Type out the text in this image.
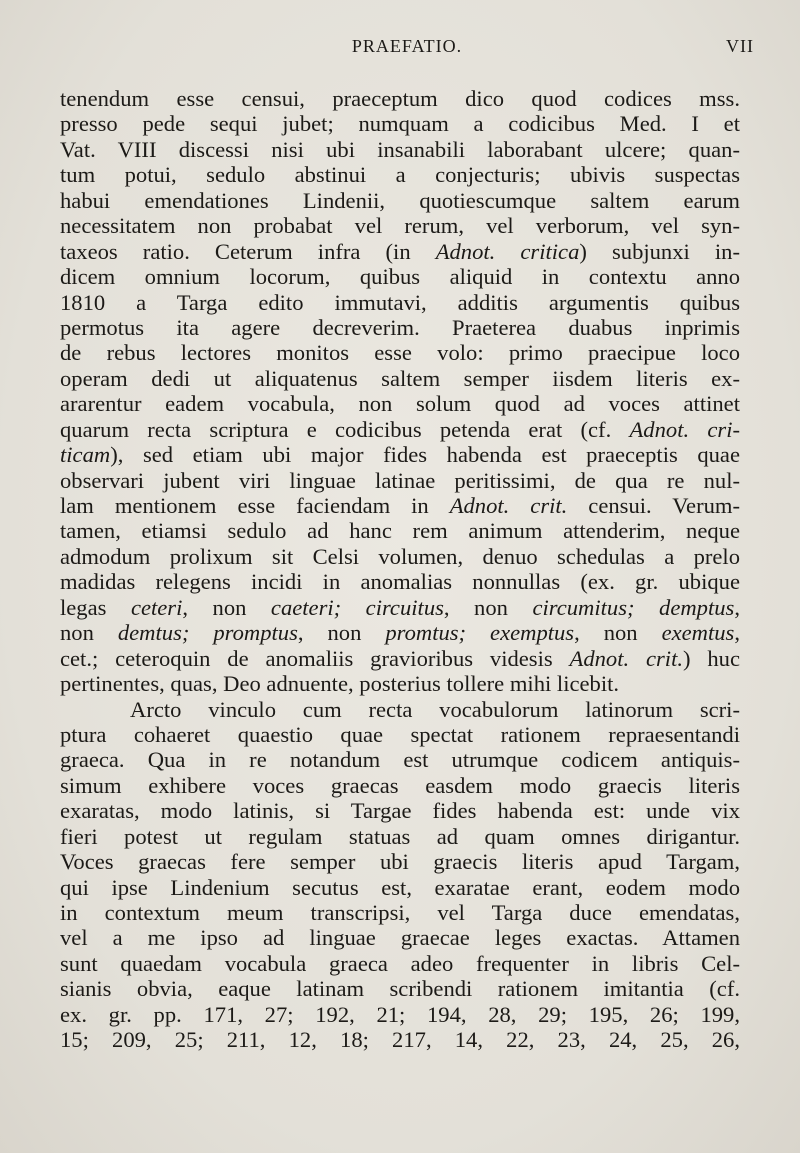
PRAEFATIO.	VII
tenendum esse censui, praeceptum dico quod codices mss.
presso pede sequi jubet; numquam a codicibus Med. I et
Vat. VIII discessi nisi ubi insanabili laborabant ulcere; quan-
tum potui, sedulo abstinui a conjecturis; ubivis suspectas
habui emendationes Lindenii, quotiescumque saltem earum
necessitatem non probabat vel rerum, vel verborum, vel syn-
taxeos ratio. Ceterum infra (in Adnot. critica) subjunxi in-
dicem omnium locorum, quibus aliquid in contextu anno
1810 a Targa edito immutavi, additis argumentis quibus
permotus ita agere decreverim. Praeterea duabus inprimis
de rebus lectores monitos esse volo: primo praecipue loco
operam dedi ut aliquatenus saltem semper iisdem literis ex-
ararentur eadem vocabula, non solum quod ad voces attinet
quarum recta scriptura e codicibus petenda erat (cf. Adnot. cri-
ticam), sed etiam ubi major fides habenda est praeceptis quae
observari jubent viri linguae latinae peritissimi, de qua re nul-
lam mentionem esse faciendam in Adnot. crit. censui. Verum-
tamen, etiamsi sedulo ad hanc rem animum attenderim, neque
admodum prolixum sit Celsi volumen, denuo schedulas a prelo
madidas relegens incidi in anomalias nonnullas (ex. gr. ubique
legas ceteri, non caeteri; circuitus, non circumitus; demptus,
non demtus; promptus, non promtus; exemptus, non exemtus,
cet.; ceteroquin de anomaliis gravioribus videsis Adnot. crit.) huc
pertinentes, quas, Deo adnuente, posterius tollere mihi licebit.
Arcto vinculo cum recta vocabulorum latinorum scri-
ptura cohaeret quaestio quae spectat rationem repraesentandi
graeca. Qua in re notandum est utrumque codicem antiquis-
simum exhibere voces graecas easdem modo graecis literis
exaratas, modo latinis, si Targae fides habenda est: unde vix
fieri potest ut regulam statuas ad quam omnes dirigantur.
Voces graecas fere semper ubi graecis literis apud Targam,
qui ipse Lindenium secutus est, exaratae erant, eodem modo
in contextum meum transcripsi, vel Targa duce emendatas,
vel a me ipso ad linguae graecae leges exactas. Attamen
sunt quaedam vocabula graeca adeo frequenter in libris Cel-
sianis obvia, eaque latinam scribendi rationem imitantia (cf.
ex. gr. pp. 171, 27; 192, 21; 194, 28, 29; 195, 26; 199,
15; 209, 25; 211, 12, 18; 217, 14, 22, 23, 24, 25, 26,
